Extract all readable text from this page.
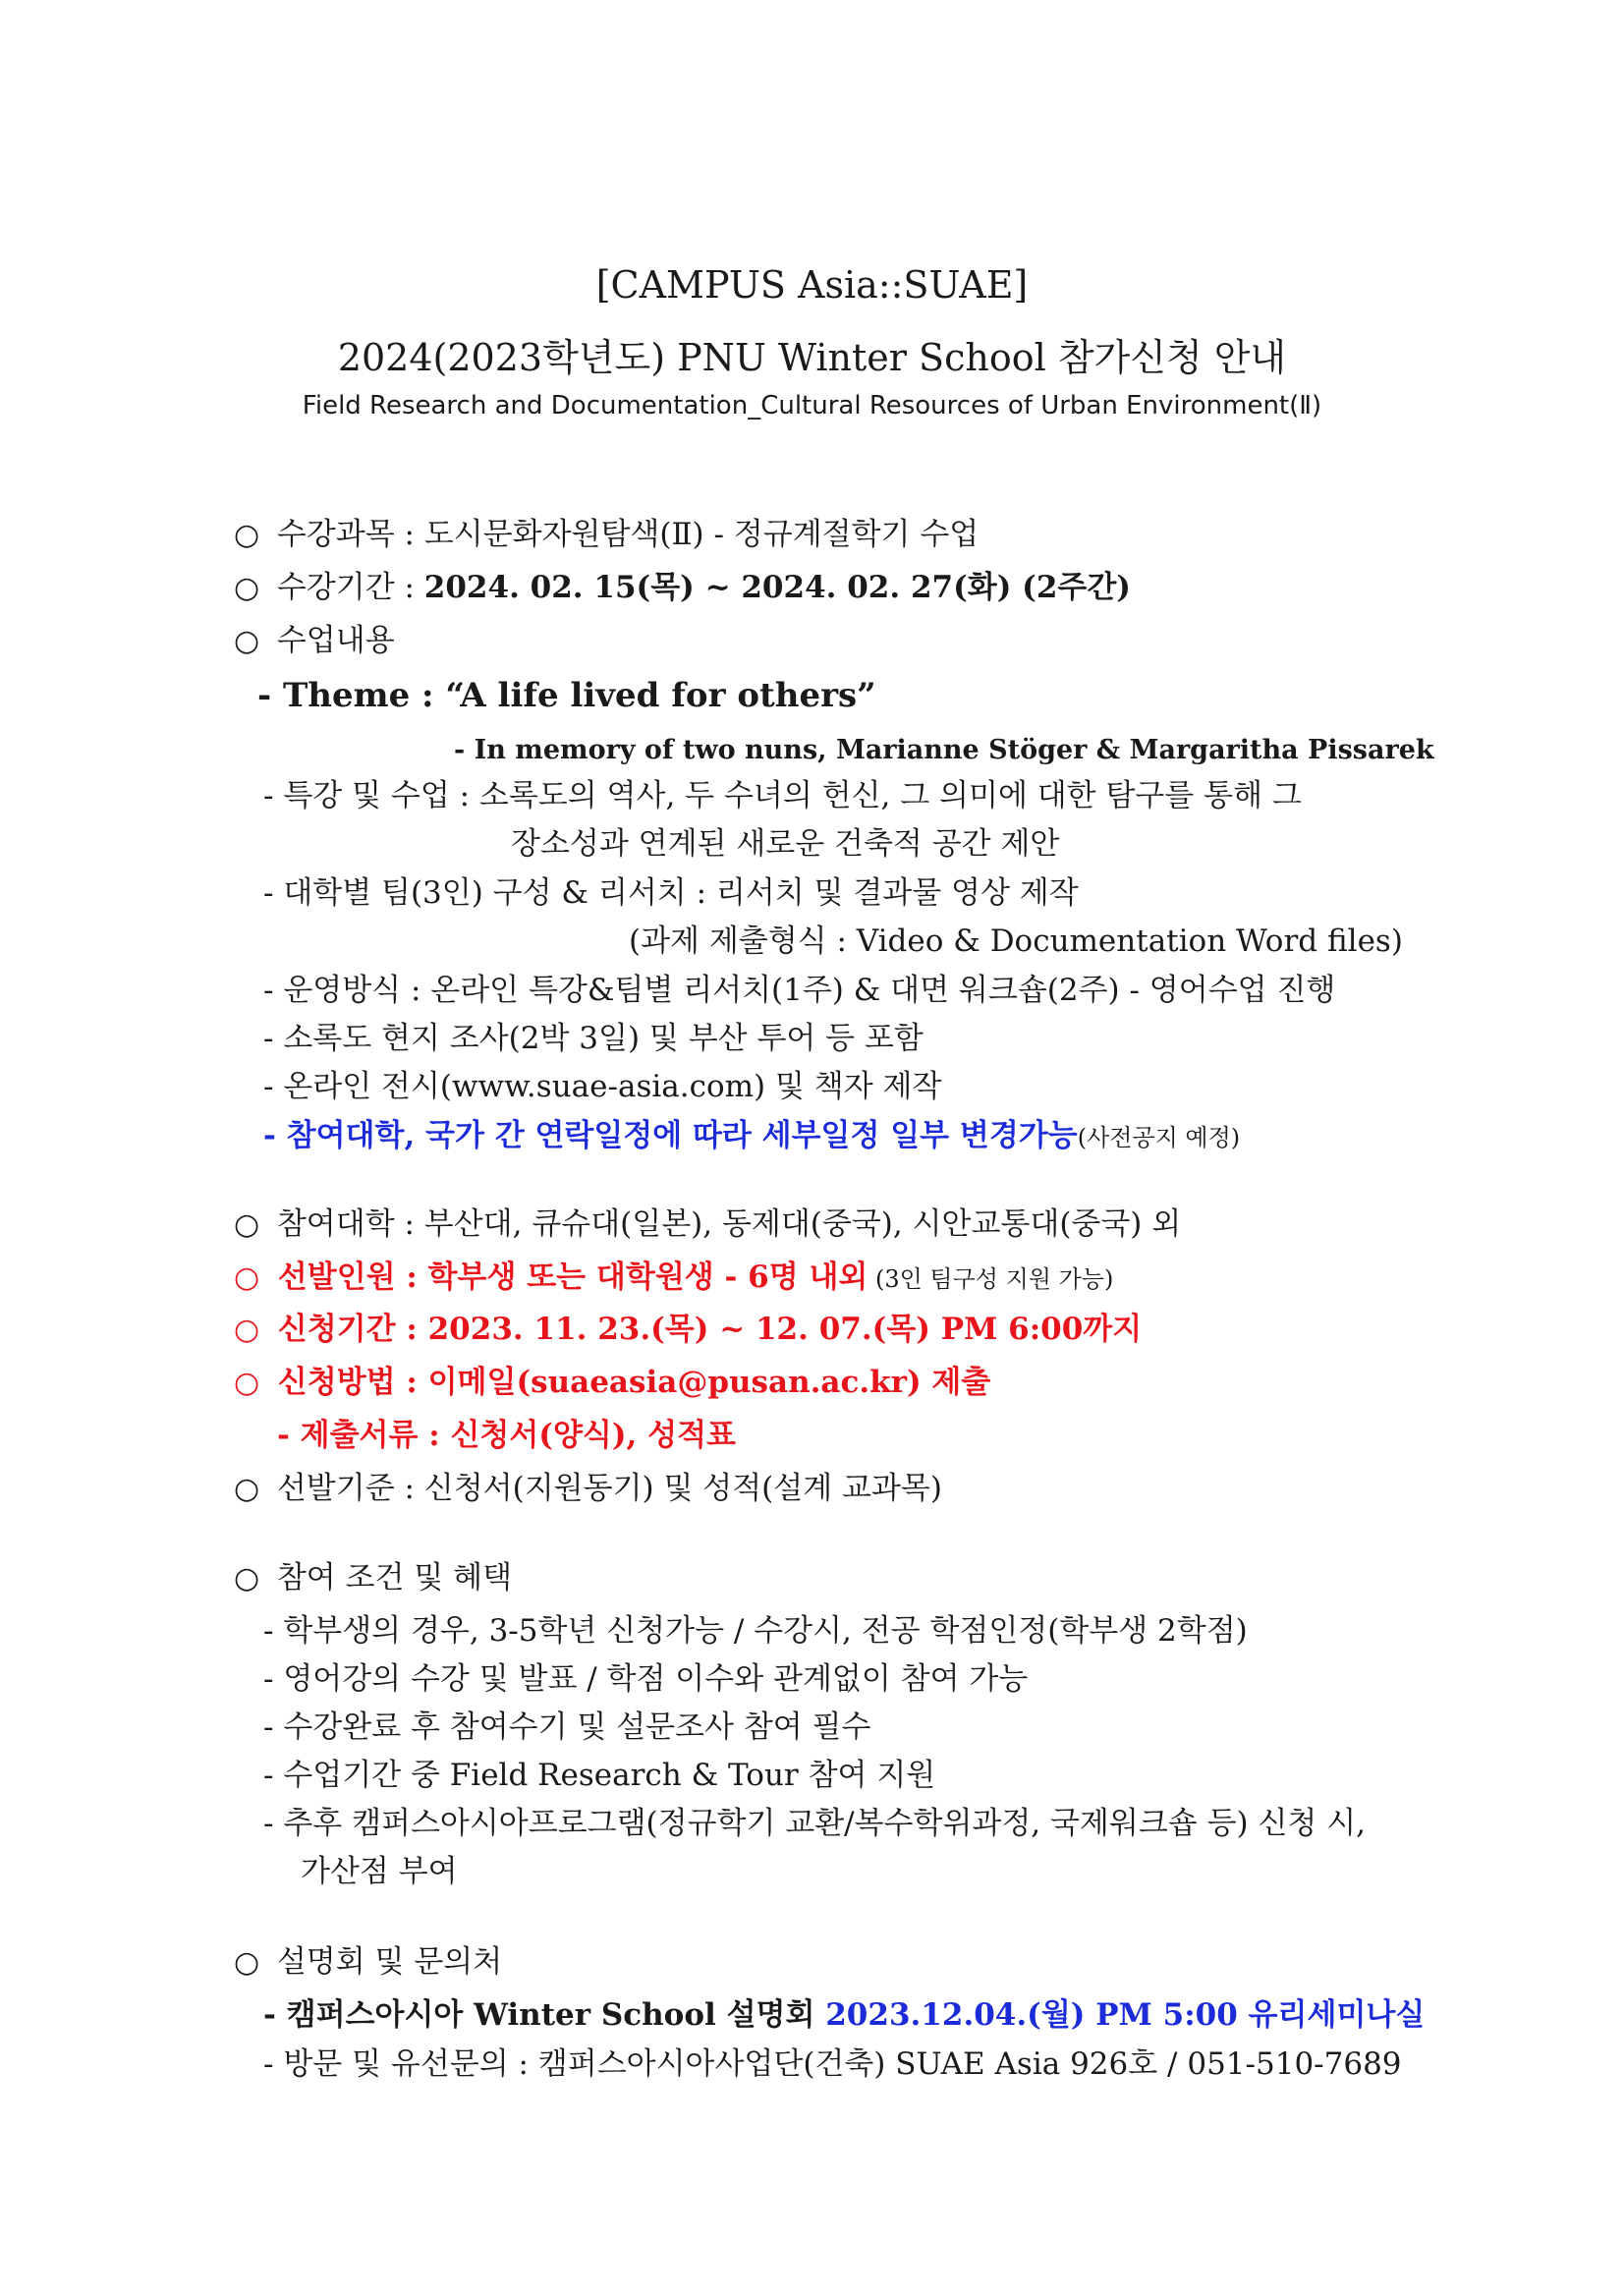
[CAMPUS Asia::SUAE]
2024(2023학년도) PNU Winter School 참가신청 안내
Field Research and Documentation_Cultural Resources of Urban Environment(Ⅱ)
○ 수강과목 : 도시문화자원탐색(Ⅱ) - 정규계절학기 수업
○ 수강기간 : 2024. 02. 15(목) ~ 2024. 02. 27(화) (2주간)
○ 수업내용
- Theme : “A life lived for others”
- In memory of two nuns, Marianne Stöger & Margaritha Pissarek
- 특강 및 수업 : 소록도의 역사, 두 수녀의 헌신, 그 의미에 대한 탐구를 통해 그
장소성과 연계된 새로운 건축적 공간 제안
- 대학별 팀(3인) 구성 & 리서치 : 리서치 및 결과물 영상 제작
(과제 제출형식 : Video & Documentation Word files)
- 운영방식 : 온라인 특강&팀별 리서치(1주) & 대면 워크숍(2주) - 영어수업 진행
- 소록도 현지 조사(2박 3일) 및 부산 투어 등 포함
- 온라인 전시(www.suae-asia.com) 및 책자 제작
- 참여대학, 국가 간 연락일정에 따라 세부일정 일부 변경가능(사전공지 예정)
○ 참여대학 : 부산대, 큐슈대(일본), 동제대(중국), 시안교통대(중국) 외
○ 선발인원 : 학부생 또는 대학원생 - 6명 내외 (3인 팀구성 지원 가능)
○ 신청기간 : 2023. 11. 23.(목) ~ 12. 07.(목) PM 6:00까지
○ 신청방법 : 이메일(suaeasia@pusan.ac.kr) 제출
- 제출서류 : 신청서(양식), 성적표
○ 선발기준 : 신청서(지원동기) 및 성적(설계 교과목)
○ 참여 조건 및 혜택
- 학부생의 경우, 3-5학년 신청가능 / 수강시, 전공 학점인정(학부생 2학점)
- 영어강의 수강 및 발표 / 학점 이수와 관계없이 참여 가능
- 수강완료 후 참여수기 및 설문조사 참여 필수
- 수업기간 중 Field Research & Tour 참여 지원
- 추후 캠퍼스아시아프로그램(정규학기 교환/복수학위과정, 국제워크숍 등) 신청 시,
가산점 부여
○ 설명회 및 문의처
- 캠퍼스아시아 Winter School 설명회 2023.12.04.(월) PM 5:00 유리세미나실
- 방문 및 유선문의 : 캠퍼스아시아사업단(건축) SUAE Asia 926호 / 051-510-7689
